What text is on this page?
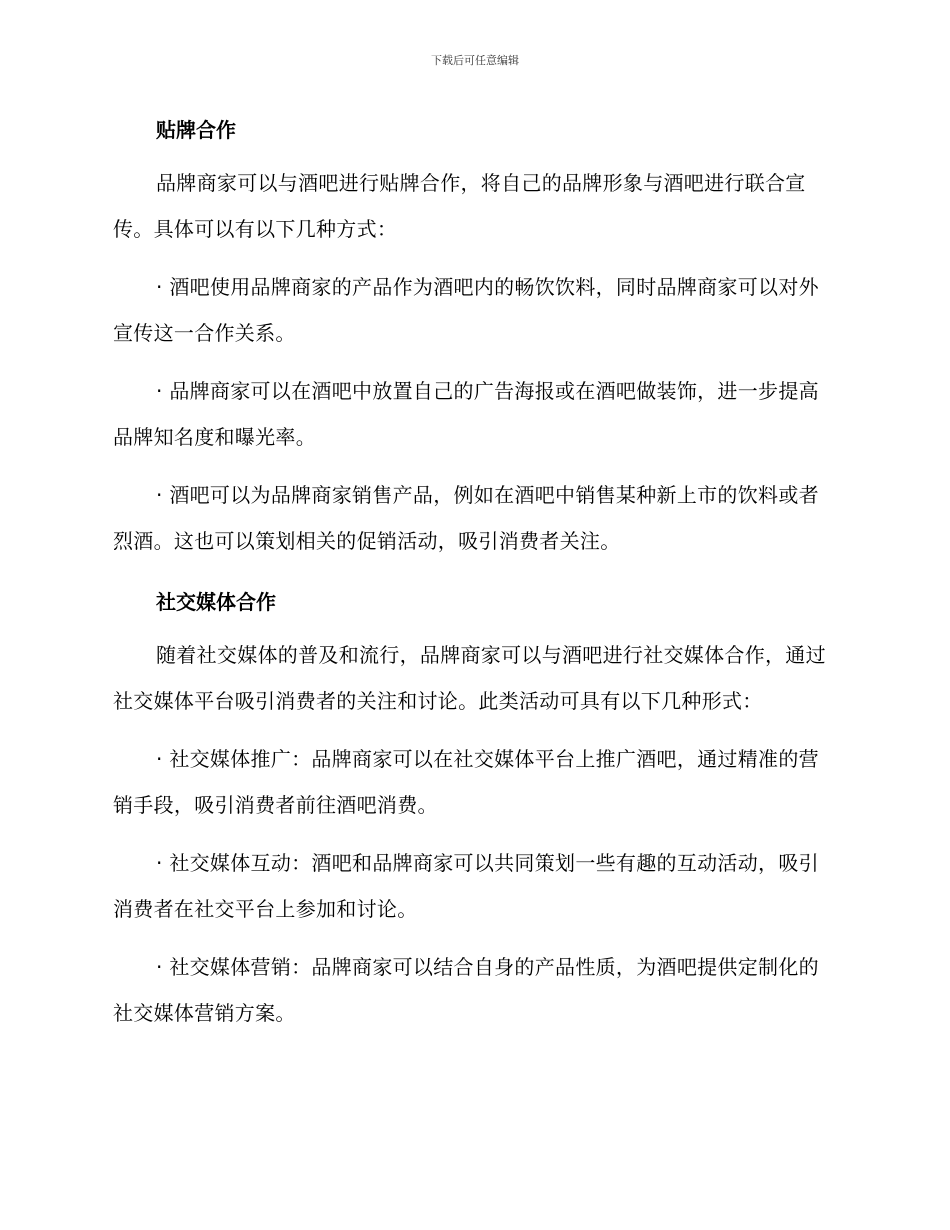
下载后可任意编辑
贴牌合作

品牌商家可以与酒吧进行贴牌合作，将自己的品牌形象与酒吧进行联合宣传。具体可以有以下几种方式：

· 酒吧使用品牌商家的产品作为酒吧内的畅饮饮料，同时品牌商家可以对外宣传这一合作关系。

· 品牌商家可以在酒吧中放置自己的广告海报或在酒吧做装饰，进一步提高品牌知名度和曝光率。

· 酒吧可以为品牌商家销售产品，例如在酒吧中销售某种新上市的饮料或者烈酒。这也可以策划相关的促销活动，吸引消费者关注。

社交媒体合作

随着社交媒体的普及和流行，品牌商家可以与酒吧进行社交媒体合作，通过社交媒体平台吸引消费者的关注和讨论。此类活动可具有以下几种形式：

· 社交媒体推广：品牌商家可以在社交媒体平台上推广酒吧，通过精准的营销手段，吸引消费者前往酒吧消费。

· 社交媒体互动：酒吧和品牌商家可以共同策划一些有趣的互动活动，吸引消费者在社交平台上参加和讨论。

· 社交媒体营销：品牌商家可以结合自身的产品性质，为酒吧提供定制化的社交媒体营销方案。
